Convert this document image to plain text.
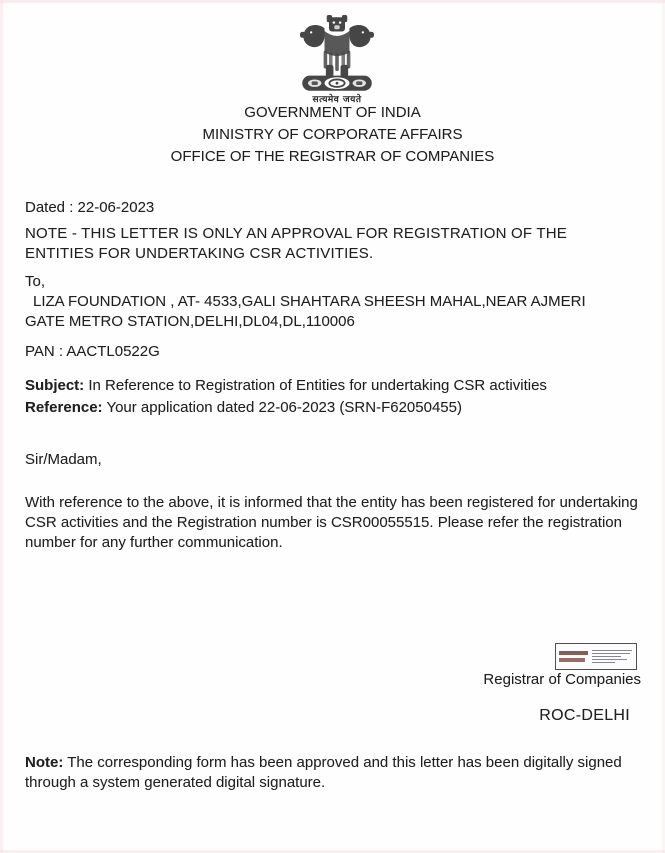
सत्यमेव जयते
GOVERNMENT OF INDIA
MINISTRY OF CORPORATE AFFAIRS
OFFICE OF THE REGISTRAR OF COMPANIES
Dated : 22-06-2023
NOTE - THIS LETTER IS ONLY AN APPROVAL FOR REGISTRATION OF THE
ENTITIES FOR UNDERTAKING CSR ACTIVITIES.
To,
LIZA FOUNDATION , AT- 4533,GALI SHAHTARA SHEESH MAHAL,NEAR AJMERI
GATE METRO STATION,DELHI,DL04,DL,110006
PAN : AACTL0522G
Subject: In Reference to Registration of Entities for undertaking CSR activities
Reference: Your application dated 22-06-2023 (SRN-F62050455)
Sir/Madam,
With reference to the above, it is informed that the entity has been registered for undertaking
CSR activities and the Registration number is CSR00055515. Please refer the registration
number for any further communication.
Registrar of Companies
ROC-DELHI
Note: The corresponding form has been approved and this letter has been digitally signed
through a system generated digital signature.
